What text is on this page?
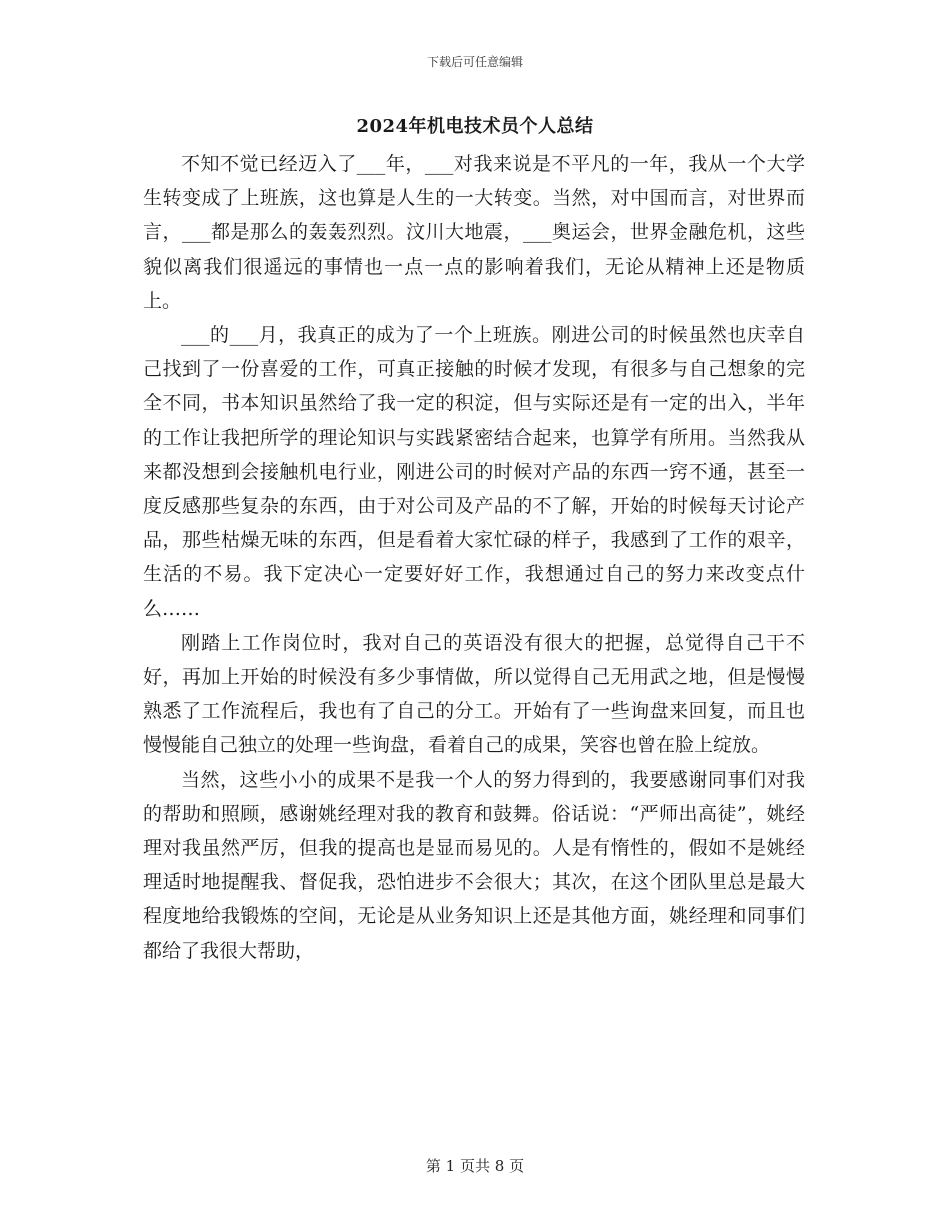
下载后可任意编辑
2024年机电技术员个人总结

不知不觉已经迈入了___年，___对我来说是不平凡的一年，我从一个大学生转变成了上班族，这也算是人生的一大转变。当然，对中国而言，对世界而言，___都是那么的轰轰烈烈。汶川大地震，___奥运会，世界金融危机，这些貌似离我们很遥远的事情也一点一点的影响着我们，无论从精神上还是物质上。

___的___月，我真正的成为了一个上班族。刚进公司的时候虽然也庆幸自己找到了一份喜爱的工作，可真正接触的时候才发现，有很多与自己想象的完全不同，书本知识虽然给了我一定的积淀，但与实际还是有一定的出入，半年的工作让我把所学的理论知识与实践紧密结合起来，也算学有所用。当然我从来都没想到会接触机电行业，刚进公司的时候对产品的东西一窍不通，甚至一度反感那些复杂的东西，由于对公司及产品的不了解，开始的时候每天讨论产品，那些枯燥无味的东西，但是看着大家忙碌的样子，我感到了工作的艰辛，生活的不易。我下定决心一定要好好工作，我想通过自己的努力来改变点什么……

刚踏上工作岗位时，我对自己的英语没有很大的把握，总觉得自己干不好，再加上开始的时候没有多少事情做，所以觉得自己无用武之地，但是慢慢熟悉了工作流程后，我也有了自己的分工。开始有了一些询盘来回复，而且也慢慢能自己独立的处理一些询盘，看着自己的成果，笑容也曾在脸上绽放。

当然，这些小小的成果不是我一个人的努力得到的，我要感谢同事们对我的帮助和照顾，感谢姚经理对我的教育和鼓舞。俗话说：“严师出高徒”，姚经理对我虽然严厉，但我的提高也是显而易见的。人是有惰性的，假如不是姚经理适时地提醒我、督促我，恐怕进步不会很大；其次，在这个团队里总是最大程度地给我锻炼的空间，无论是从业务知识上还是其他方面，姚经理和同事们都给了我很大帮助，

第 1 页共 8 页
